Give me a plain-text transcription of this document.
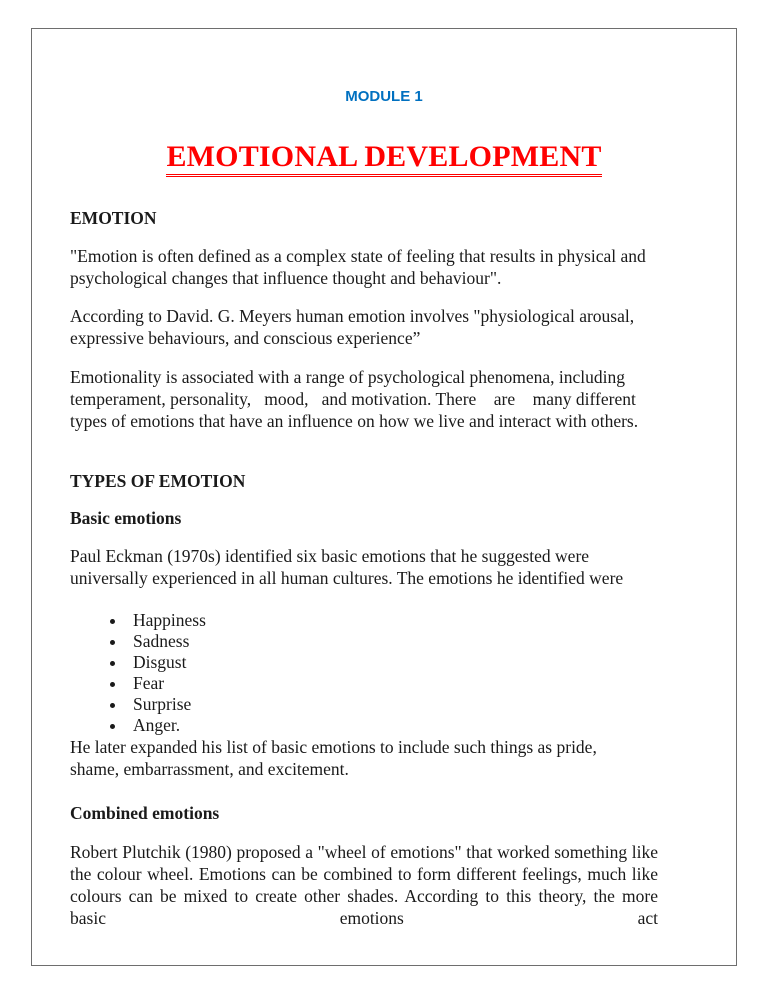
MODULE 1
EMOTIONAL DEVELOPMENT
EMOTION
"Emotion is often defined as a complex state of feeling that results in physical and psychological changes that influence thought and behaviour".
According to David. G. Meyers human emotion involves "physiological arousal, expressive behaviours, and conscious experience”
Emotionality is associated with a range of psychological phenomena, including temperament, personality,   mood,   and motivation. There    are    many different    types of emotions that have an influence on how we live and interact with others.
TYPES OF EMOTION
Basic emotions
Paul Eckman (1970s) identified six basic emotions that he suggested were universally experienced in all human cultures. The emotions he identified were
Happiness
Sadness
Disgust
Fear
Surprise
Anger.
He later expanded his list of basic emotions to include such things as pride, shame, embarrassment, and excitement.
Combined emotions
Robert Plutchik (1980) proposed a "wheel of emotions" that worked something like the colour wheel. Emotions can be combined to form different feelings, much like colours can be mixed to create other shades. According to this theory, the more basic emotions act
